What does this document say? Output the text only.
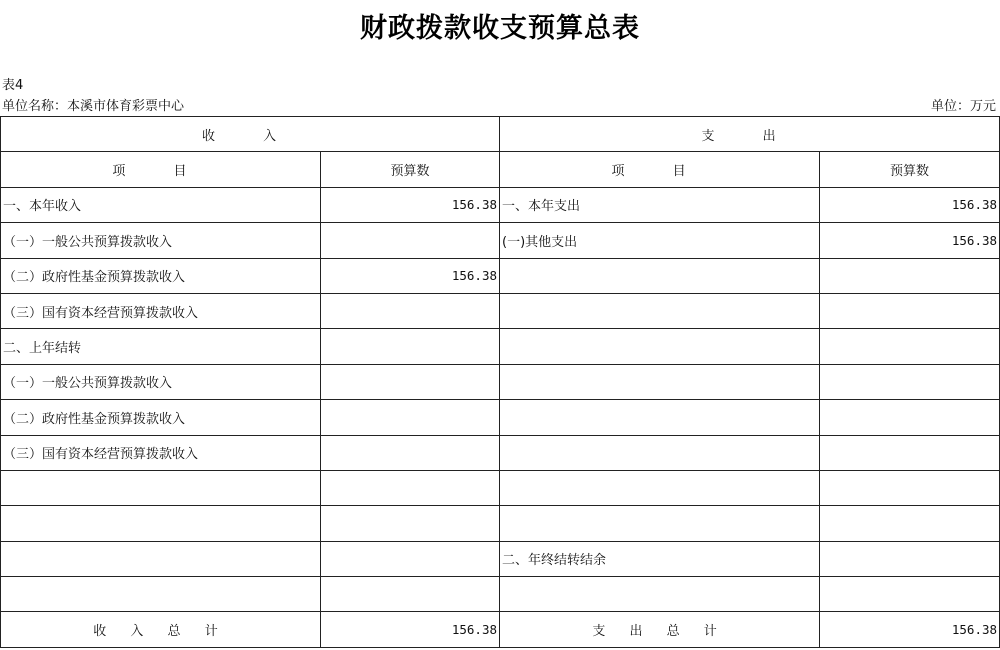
财政拨款收支预算总表
表4
单位名称：本溪市体育彩票中心	单位：万元
收 入		支 出	
项 目	预算数	项 目	预算数
一、本年收入	156.38	一、本年支出	156.38
（一）一般公共预算拨款收入		(一)其他支出	156.38
（二）政府性基金预算拨款收入	156.38		
（三）国有资本经营预算拨款收入			
二、上年结转			
（一）一般公共预算拨款收入			
（二）政府性基金预算拨款收入			
（三）国有资本经营预算拨款收入			

		二、年终结转结余	

收 入 总 计	156.38	支 出 总 计	156.38
